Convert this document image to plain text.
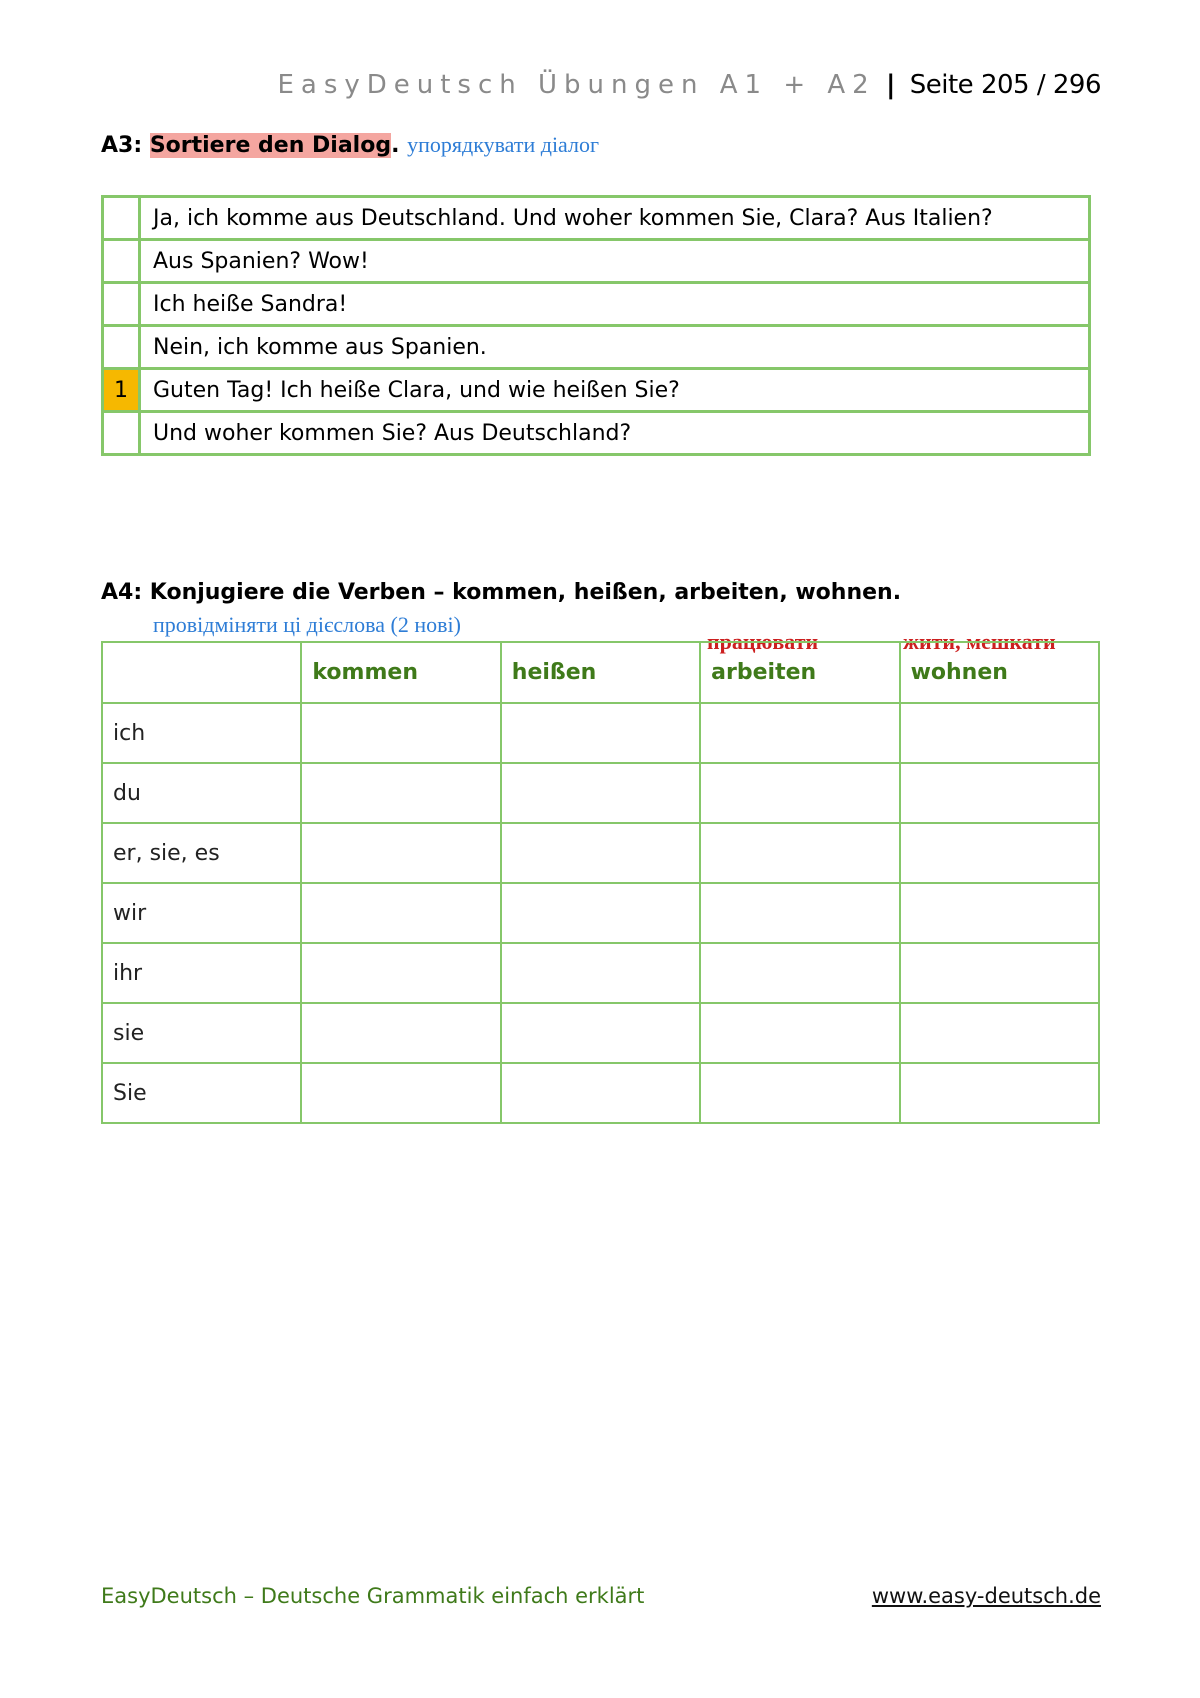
EasyDeutsch Übungen A1 + A2 | Seite 205 / 296
A3: Sortiere den Dialog. упорядкувати діалог
	Ja, ich komme aus Deutschland. Und woher kommen Sie, Clara? Aus Italien?
	Aus Spanien? Wow!
	Ich heiße Sandra!
	Nein, ich komme aus Spanien.
1	Guten Tag! Ich heiße Clara, und wie heißen Sie?
	Und woher kommen Sie? Aus Deutschland?
A4: Konjugiere die Verben – kommen, heißen, arbeiten, wohnen.
провідміняти ці дієслова (2 нові)
працювати	жити, мешкати
	kommen	heißen	arbeiten	wohnen
ich				
du				
er, sie, es				
wir				
ihr				
sie				
Sie				
EasyDeutsch – Deutsche Grammatik einfach erklärt	www.easy-deutsch.de
